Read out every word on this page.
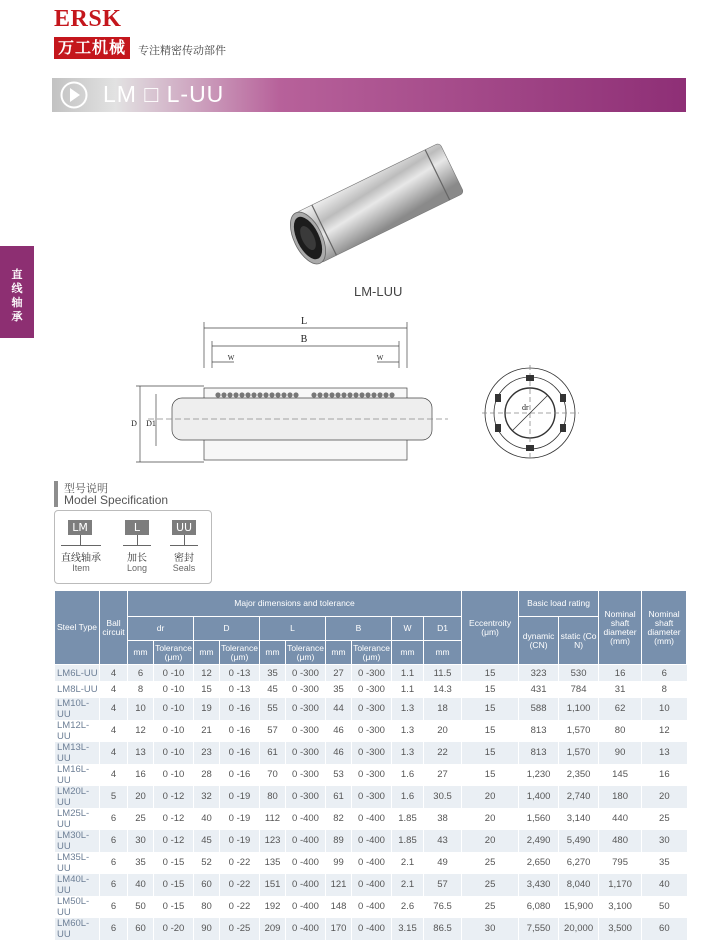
ERSK
万工机械	专注精密传动部件
LM □ L-UU
直线轴承
LM-LUU
L
B
W	W
D D1
dr
型号说明
Model Specification
LM	L	UU
直线轴承	加长	密封
Item	Long	Seals
Steel Type	Ball circuit	Major dimensions and tolerance										Eccentroity (μm)	Basic load rating		Nominal shaft diameter (mm)	Nominal shaft diameter (mm)
		dr		D		L		B		W	D1		dynamic (CN)	static (Co N)		
		mm	Tolerance (μm)	mm	Tolerance (μm)	mm	Tolerance (μm)	mm	Tolerance (μm)	mm	mm					
LM6L-UU	4	6	0 -10	12	0 -13	35	0 -300	27	0 -300	1.1	11.5	15	323	530	16	6
LM8L-UU	4	8	0 -10	15	0 -13	45	0 -300	35	0 -300	1.1	14.3	15	431	784	31	8
LM10L-UU	4	10	0 -10	19	0 -16	55	0 -300	44	0 -300	1.3	18	15	588	1,100	62	10
LM12L-UU	4	12	0 -10	21	0 -16	57	0 -300	46	0 -300	1.3	20	15	813	1,570	80	12
LM13L-UU	4	13	0 -10	23	0 -16	61	0 -300	46	0 -300	1.3	22	15	813	1,570	90	13
LM16L-UU	4	16	0 -10	28	0 -16	70	0 -300	53	0 -300	1.6	27	15	1,230	2,350	145	16
LM20L-UU	5	20	0 -12	32	0 -19	80	0 -300	61	0 -300	1.6	30.5	20	1,400	2,740	180	20
LM25L-UU	6	25	0 -12	40	0 -19	112	0 -400	82	0 -400	1.85	38	20	1,560	3,140	440	25
LM30L-UU	6	30	0 -12	45	0 -19	123	0 -400	89	0 -400	1.85	43	20	2,490	5,490	480	30
LM35L-UU	6	35	0 -15	52	0 -22	135	0 -400	99	0 -400	2.1	49	25	2,650	6,270	795	35
LM40L-UU	6	40	0 -15	60	0 -22	151	0 -400	121	0 -400	2.1	57	25	3,430	8,040	1,170	40
LM50L-UU	6	50	0 -15	80	0 -22	192	0 -400	148	0 -400	2.6	76.5	25	6,080	15,900	3,100	50
LM60L-UU	6	60	0 -20	90	0 -25	209	0 -400	170	0 -400	3.15	86.5	30	7,550	20,000	3,500	60
